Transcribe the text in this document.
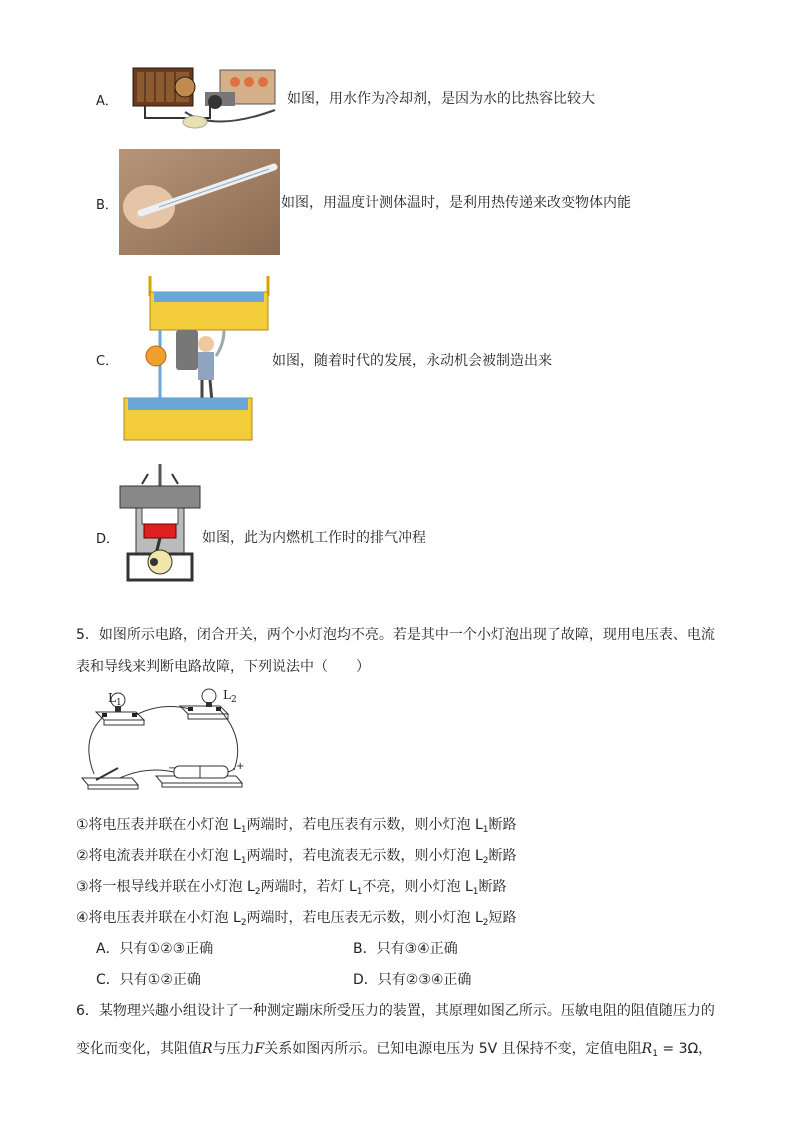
A．	如图，用水作为冷却剂，是因为水的比热容比较大
B．	如图，用温度计测体温时，是利用热传递来改变物体内能
C．	如图，随着时代的发展，永动机会被制造出来
D．	如图，此为内燃机工作时的排气冲程
5．如图所示电路，闭合开关，两个小灯泡均不亮。若是其中一个小灯泡出现了故障，现用电压表、电流
表和导线来判断电路故障，下列说法中（　　）
$L_1$
$L_2$
−	+
①将电压表并联在小灯泡 $L_1$两端时，若电压表有示数，则小灯泡 $L_1$断路
②将电流表并联在小灯泡 $L_1$两端时，若电流表无示数，则小灯泡 $L_2$断路
③将一根导线并联在小灯泡 $L_2$两端时，若灯 $L_1$不亮，则小灯泡 $L_1$断路
④将电压表并联在小灯泡 $L_2$两端时，若电压表无示数，则小灯泡 $L_2$短路
A．只有①②③正确	B．只有③④正确
C．只有①②正确	D．只有②③④正确
6．某物理兴趣小组设计了一种测定蹦床所受压力的装置，其原理如图乙所示。压敏电阻的阻值随压力的
变化而变化，其阻值R与压力F关系如图丙所示。已知电源电压为 5V 且保持不变，定值电阻$R_1 = 3\Omega$，
